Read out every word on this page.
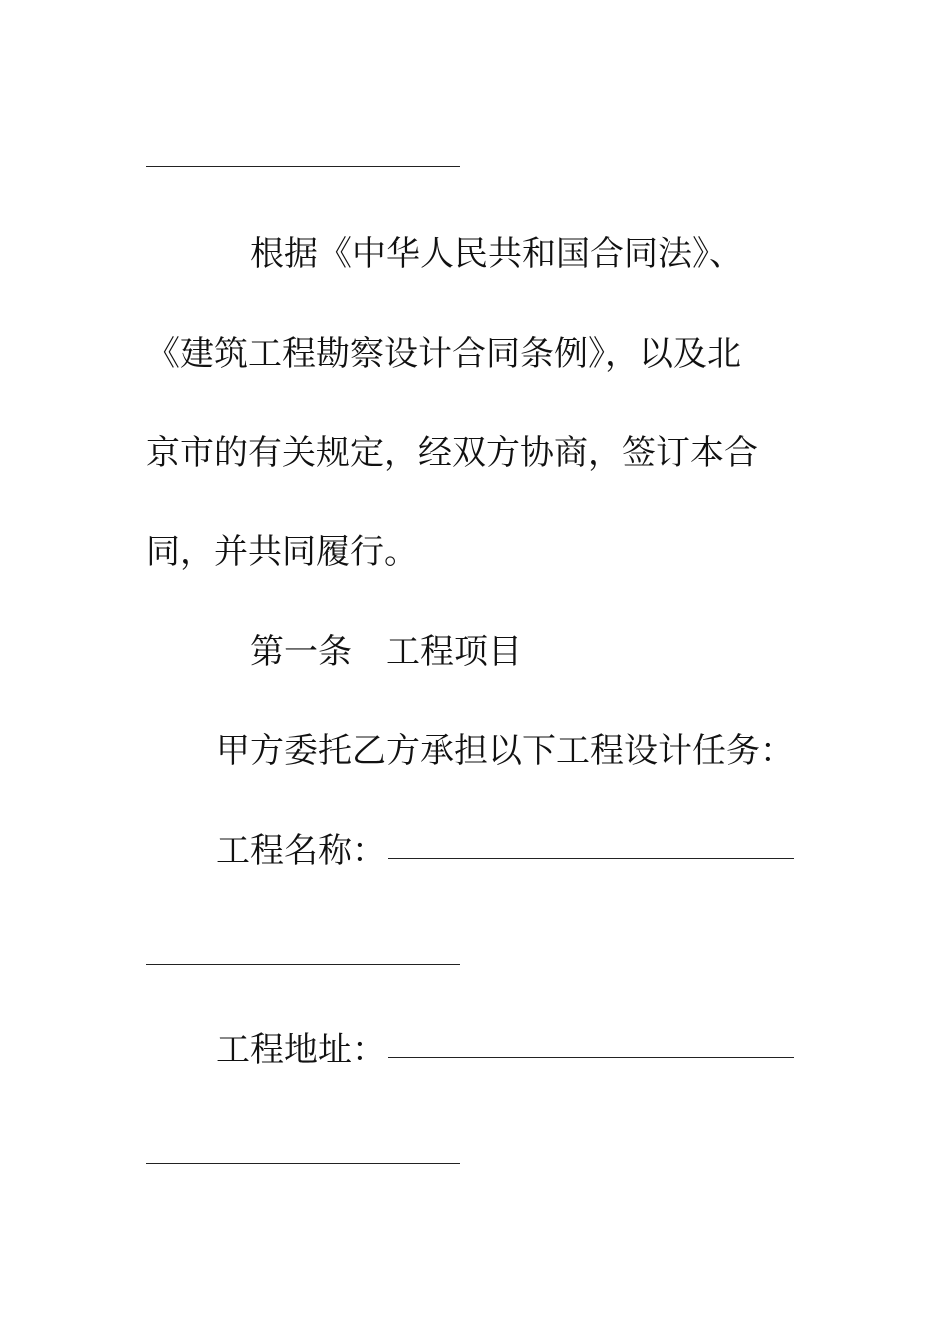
根据《中华人民共和国合同法》、
《建筑工程勘察设计合同条例》，以及北
京市的有关规定，经双方协商，签订本合
同，并共同履行。
第一条　工程项目
甲方委托乙方承担以下工程设计任务：
工程名称：
工程地址：
